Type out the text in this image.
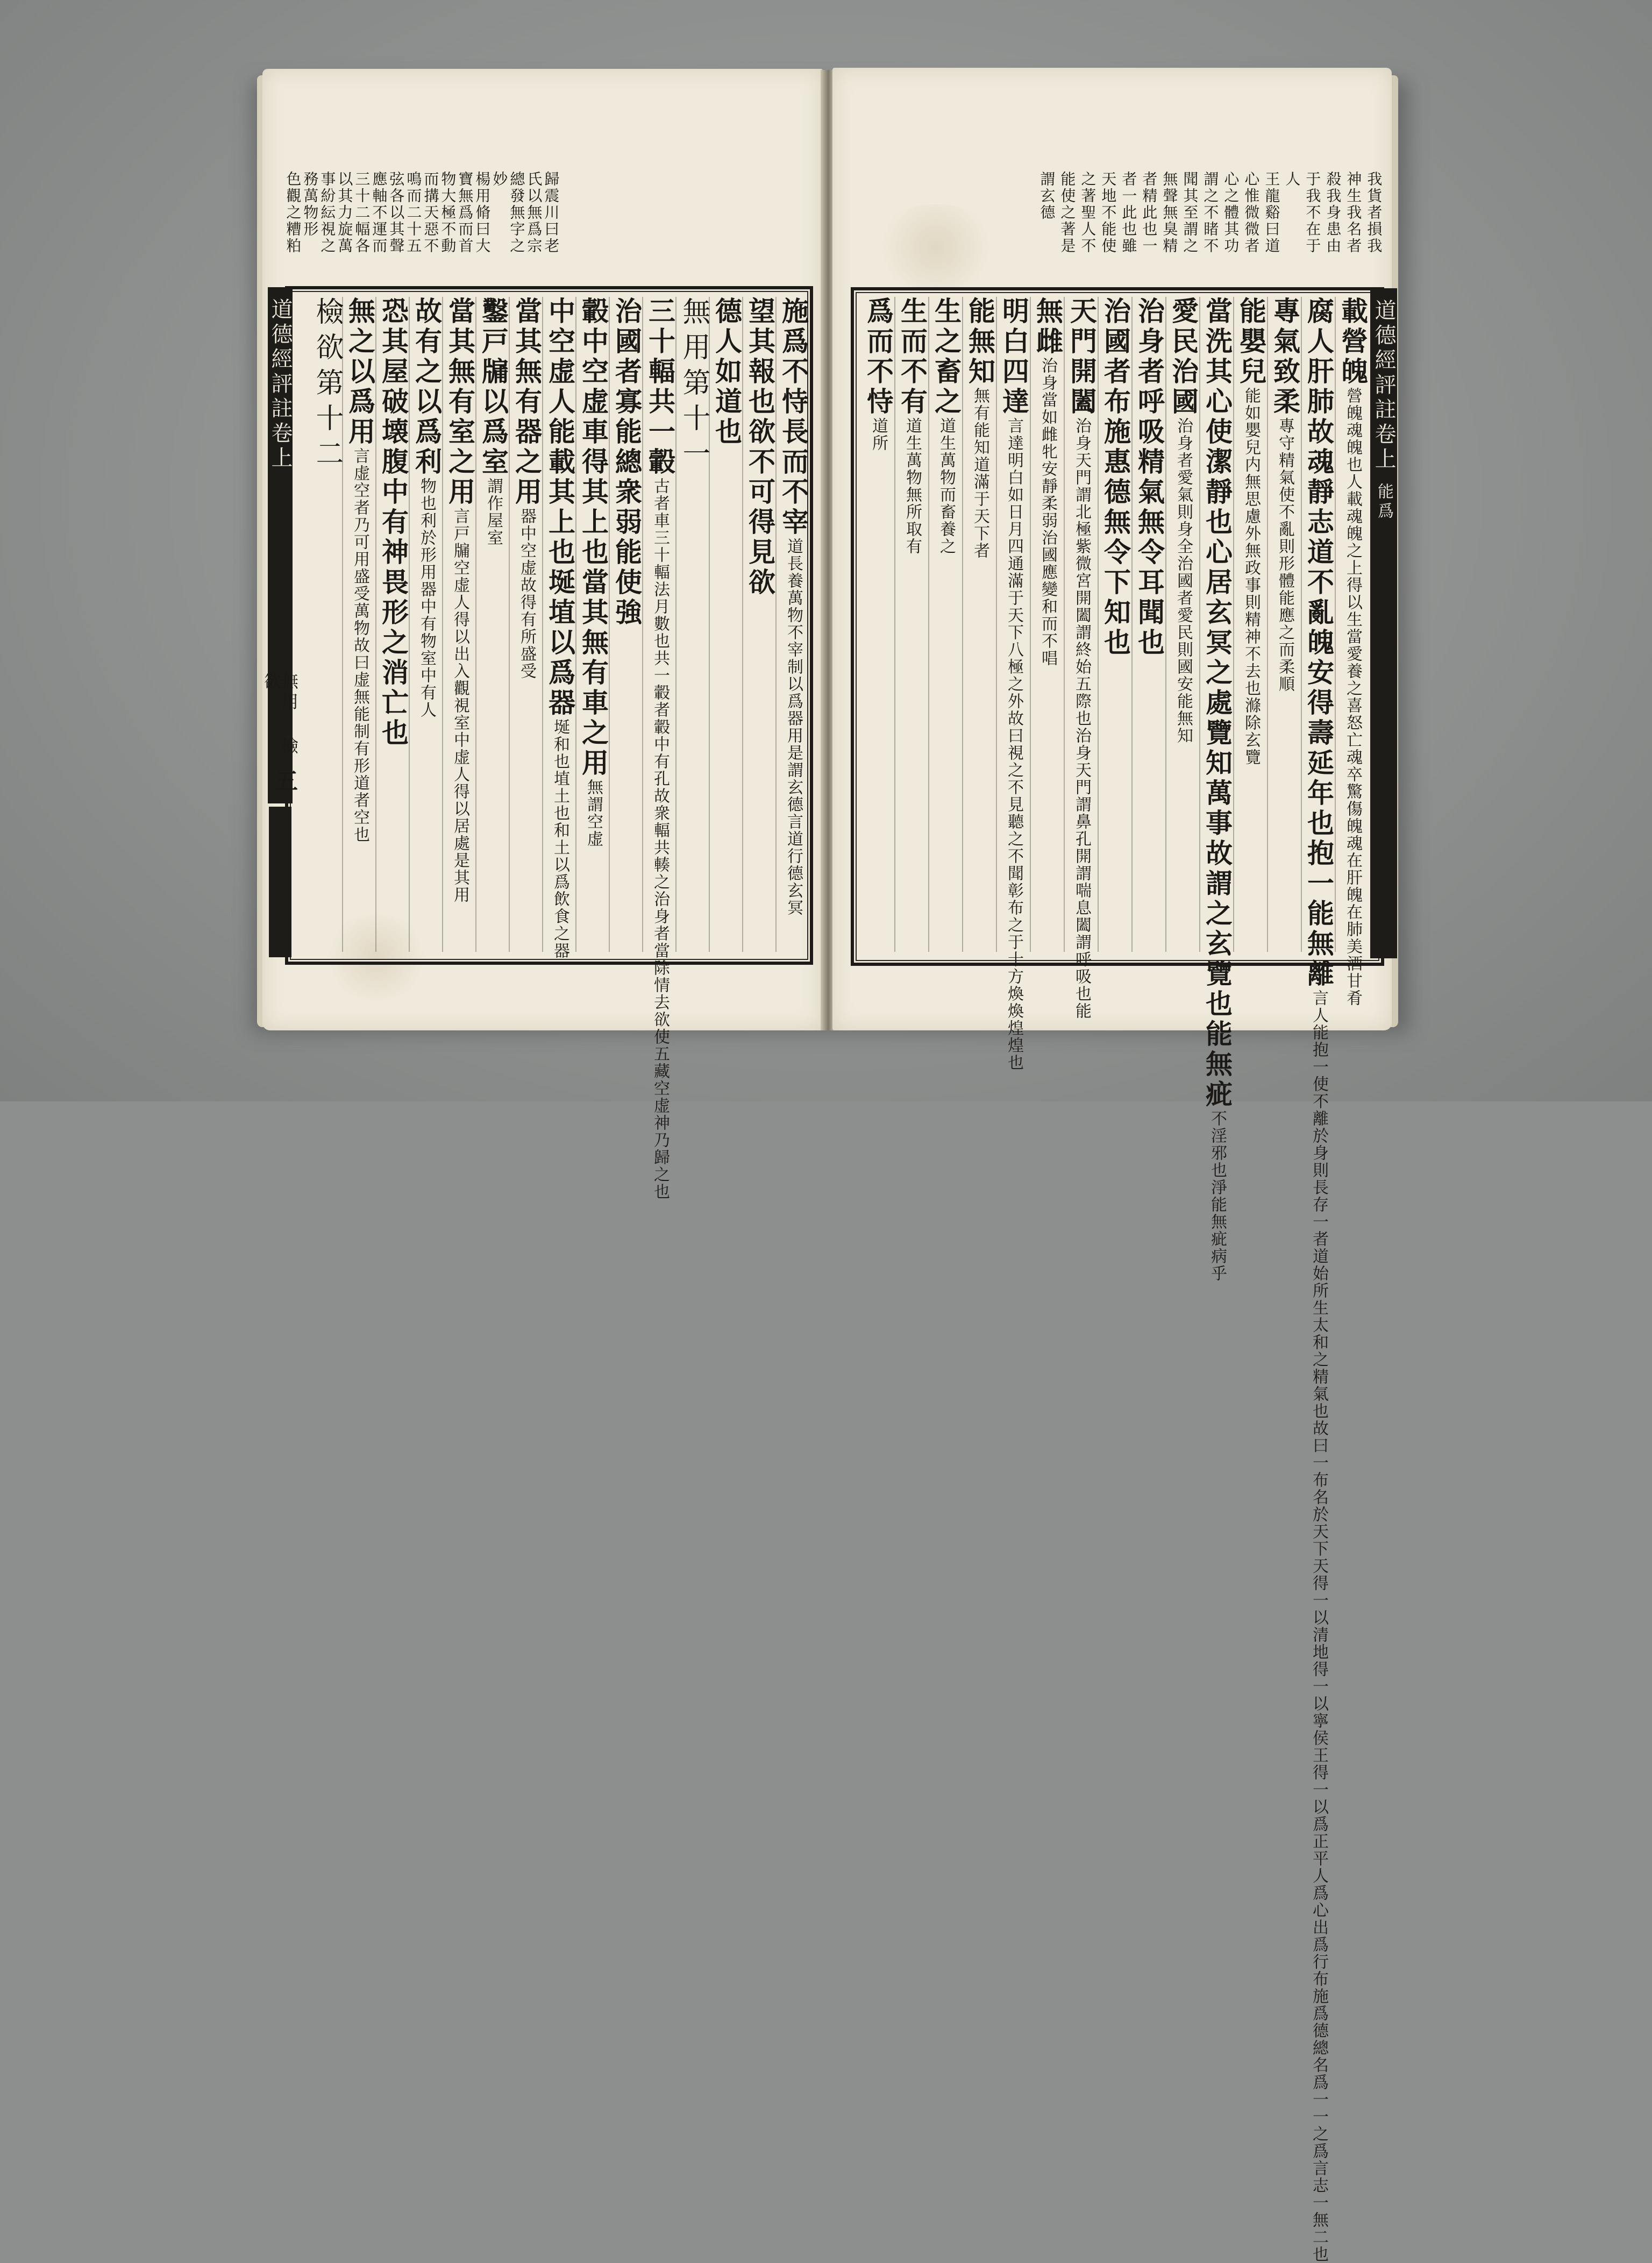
歸震川曰老
氏以無爲宗
總發無字之
妙
楊用脩曰大
寶無爲而首
物大極不動
而搆天惡不
鳴而二十五
弦各以其聲
應軸不運而
三十二幅各
以其力旋萬
事紛紜視之
務萬物形
色觀之糟粕
施爲不恃長而不宰道長養萬物不宰制以爲器用是謂玄德言道行德玄冥
望其報也欲不可得見欲
德人如道也
無用第十一
三十輻共一轂古者車三十輻法月數也共一轂者轂中有孔故衆輻共輳之治身者當除情去欲使五藏空虚神乃歸之也
治國者寡能總衆弱能使強
轂中空虚車得其上也當其無有車之用無謂空虚
中空虚人能載其上也埏埴以爲器埏和也埴土也和土以爲飲食之器
當其無有器之用器中空虚故得有所盛受
鑿戸牖以爲室謂作屋室
當其無有室之用言戸牖空虚人得以出入觀視室中虚人得以居處是其用
故有之以爲利物也利於形用器中有物室中有人
恐其屋破壊腹中有神畏形之消亡也
無之以爲用言虚空者乃可用盛受萬物故曰虚無能制有形道者空也
檢欲第十二
道德經評註卷上
無用 檢欲
五
我貨者損我
神生我名者
殺我身患由
于我不在于
人
王龍谿曰道
心惟微微者
心之體其功
謂之不睹不
聞其至謂之
無聲無臭精
者精此也一
者一此也雖
天地不能使
之著聖人不
能使之著是
謂玄德
載營魄營魄魂魄也人載魂魄之上得以生當愛養之喜怒亡魂卒驚傷魄魂在肝魄在肺美酒甘肴
腐人肝肺故魂靜志道不亂魄安得壽延年也抱一能無離言人能抱一使不離於身則長存一者道始所生太和之精氣也故曰一布名於天下天得一以清地得一以寧侯王得一以爲正平人爲心出爲行布施爲德總名爲一一之爲言志一無二也
專氣致柔專守精氣使不亂則形體能應之而柔順
能嬰兒能如嬰兒内無思慮外無政事則精神不去也滌除玄覽
當洗其心使潔靜也心居玄冥之處覽知萬事故謂之玄覽也能無疵不淫邪也淨能無疵病乎
愛民治國治身者愛氣則身全治國者愛民則國安能無知
治身者呼吸精氣無令耳聞也
治國者布施惠德無令下知也
天門開闔治身天門謂北極紫微宮開闔謂終始五際也治身天門謂鼻孔開謂喘息闔謂呼吸也能
無雌治身當如雌牝安靜柔弱治國應變和而不唱
明白四達言達明白如日月四通滿于天下八極之外故曰視之不見聽之不聞彰布之于十方煥煥煌煌也
能無知無有能知道滿于天下者
生之畜之道生萬物而畜養之
生而不有道生萬物無所取有
爲而不恃道所	道德經評註卷上
能爲
